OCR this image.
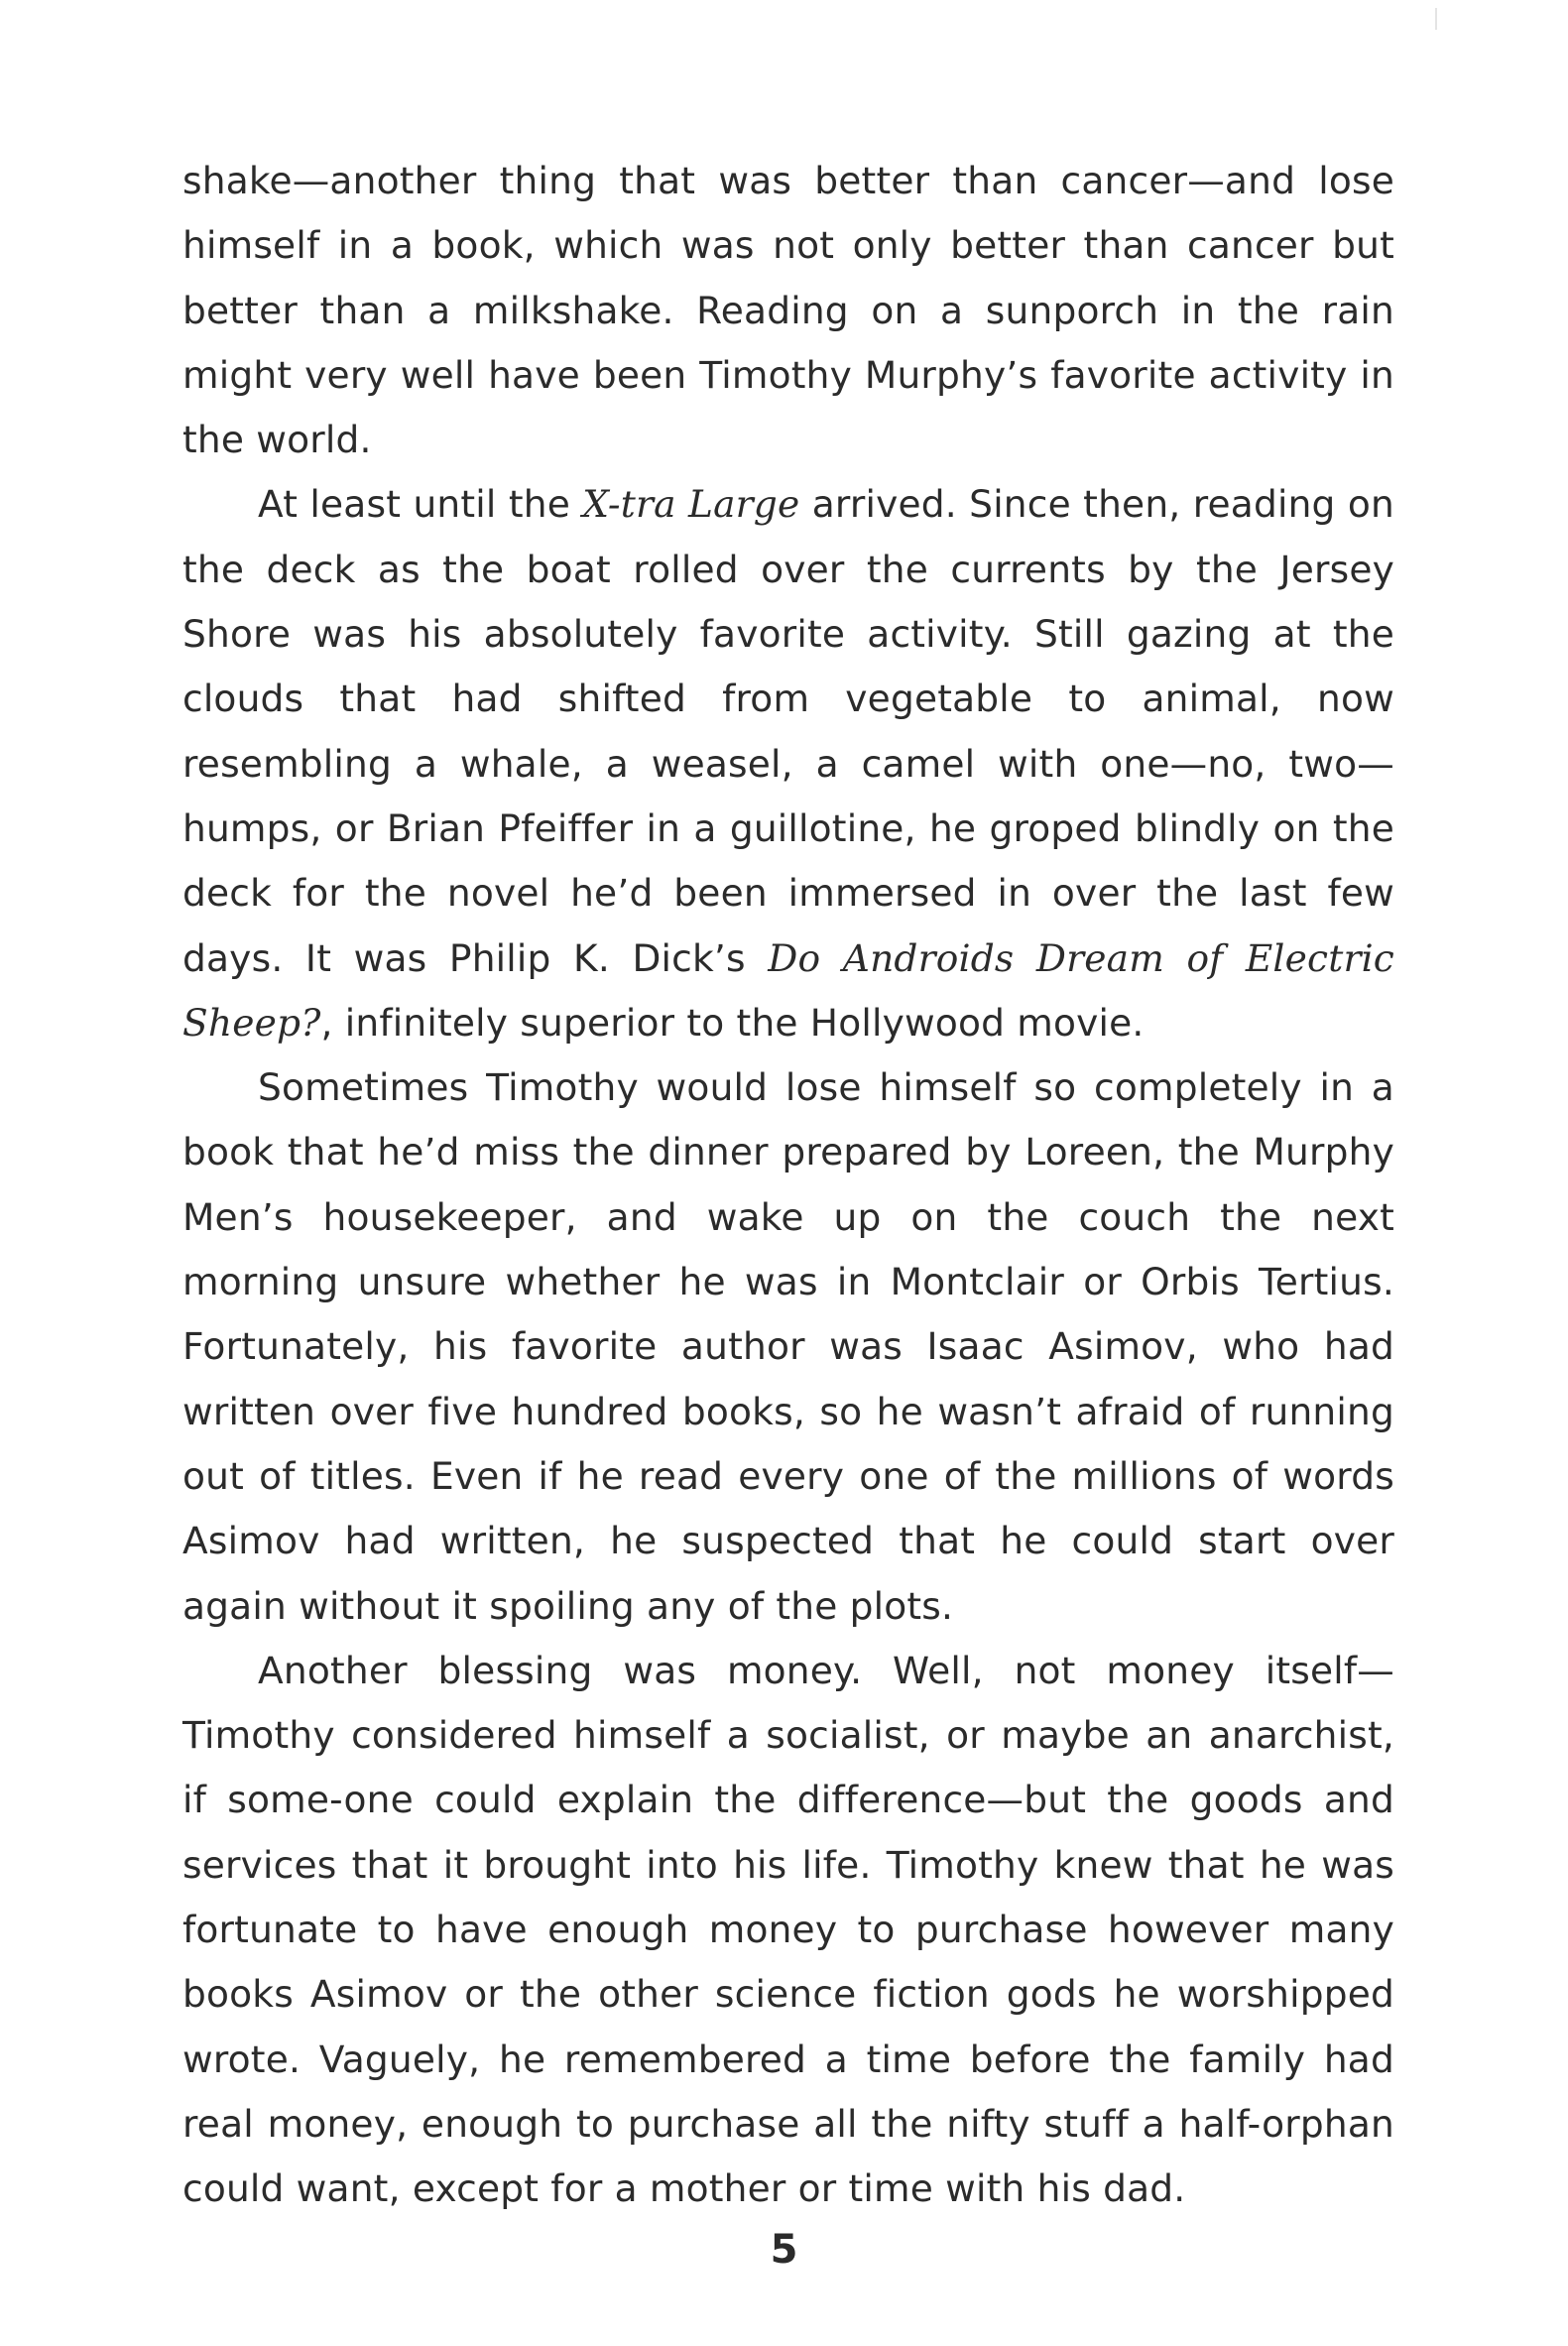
shake—another thing that was better than cancer—and lose himself in a book, which was not only better than cancer but better than a milkshake. Reading on a sunporch in the rain might very well have been Timothy Murphy’s favorite activity in the world.

At least until the X-tra Large arrived. Since then, reading on the deck as the boat rolled over the currents by the Jersey Shore was his absolutely favorite activity. Still gazing at the clouds that had shifted from vegetable to animal, now resembling a whale, a weasel, a camel with one—no, two—humps, or Brian Pfeiffer in a guillotine, he groped blindly on the deck for the novel he’d been immersed in over the last few days. It was Philip K. Dick’s Do Androids Dream of Electric Sheep?, infinitely superior to the Hollywood movie.

Sometimes Timothy would lose himself so completely in a book that he’d miss the dinner prepared by Loreen, the Murphy Men’s housekeeper, and wake up on the couch the next morning unsure whether he was in Montclair or Orbis Tertius. Fortunately, his favorite author was Isaac Asimov, who had written over five hundred books, so he wasn’t afraid of running out of titles. Even if he read every one of the millions of words Asimov had written, he suspected that he could start over again without it spoiling any of the plots.

Another blessing was money. Well, not money itself—Timothy considered himself a socialist, or maybe an anarchist, if some-one could explain the difference—but the goods and services that it brought into his life. Timothy knew that he was fortunate to have enough money to purchase however many books Asimov or the other science fiction gods he worshipped wrote. Vaguely, he remembered a time before the family had real money, enough to purchase all the nifty stuff a half-orphan could want, except for a mother or time with his dad.

5
